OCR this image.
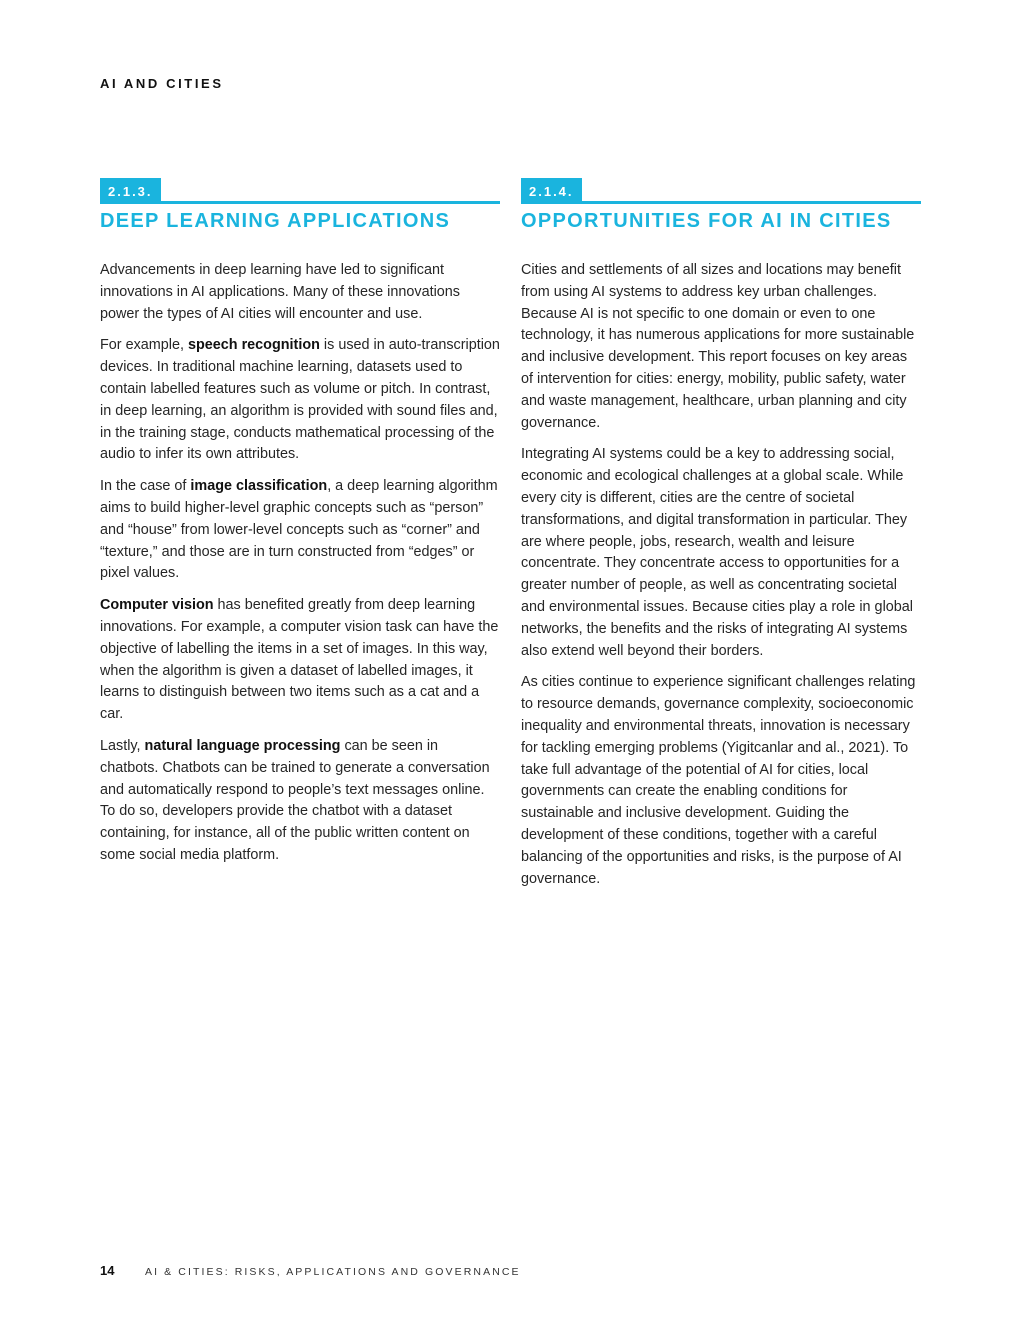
AI AND CITIES
2.1.3.
DEEP LEARNING APPLICATIONS

Advancements in deep learning have led to significant innovations in AI applications. Many of these innovations power the types of AI cities will encounter and use.

For example, speech recognition is used in auto-transcription devices. In traditional machine learning, datasets used to contain labelled features such as volume or pitch. In contrast, in deep learning, an algorithm is provided with sound files and, in the training stage, conducts mathematical processing of the audio to infer its own attributes.

In the case of image classification, a deep learning algorithm aims to build higher-level graphic concepts such as “person” and “house” from lower-level concepts such as “corner” and “texture,” and those are in turn constructed from “edges” or pixel values.

Computer vision has benefited greatly from deep learning innovations. For example, a computer vision task can have the objective of labelling the items in a set of images. In this way, when the algorithm is given a dataset of labelled images, it learns to distinguish between two items such as a cat and a car.

Lastly, natural language processing can be seen in chatbots. Chatbots can be trained to generate a conversation and automatically respond to people’s text messages online. To do so, developers provide the chatbot with a dataset containing, for instance, all of the public written content on some social media platform.

2.1.4.
OPPORTUNITIES FOR AI IN CITIES

Cities and settlements of all sizes and locations may benefit from using AI systems to address key urban challenges. Because AI is not specific to one domain or even to one technology, it has numerous applications for more sustainable and inclusive development. This report focuses on key areas of intervention for cities: energy, mobility, public safety, water and waste management, healthcare, urban planning and city governance.

Integrating AI systems could be a key to addressing social, economic and ecological challenges at a global scale. While every city is different, cities are the centre of societal transformations, and digital transformation in particular. They are where people, jobs, research, wealth and leisure concentrate. They concentrate access to opportunities for a greater number of people, as well as concentrating societal and environmental issues. Because cities play a role in global networks, the benefits and the risks of integrating AI systems also extend well beyond their borders.

As cities continue to experience significant challenges relating to resource demands, governance complexity, socioeconomic inequality and environmental threats, innovation is necessary for tackling emerging problems (Yigitcanlar and al., 2021). To take full advantage of the potential of AI for cities, local governments can create the enabling conditions for sustainable and inclusive development. Guiding the development of these conditions, together with a careful balancing of the opportunities and risks, is the purpose of AI governance.

14	AI & CITIES: RISKS, APPLICATIONS AND GOVERNANCE
